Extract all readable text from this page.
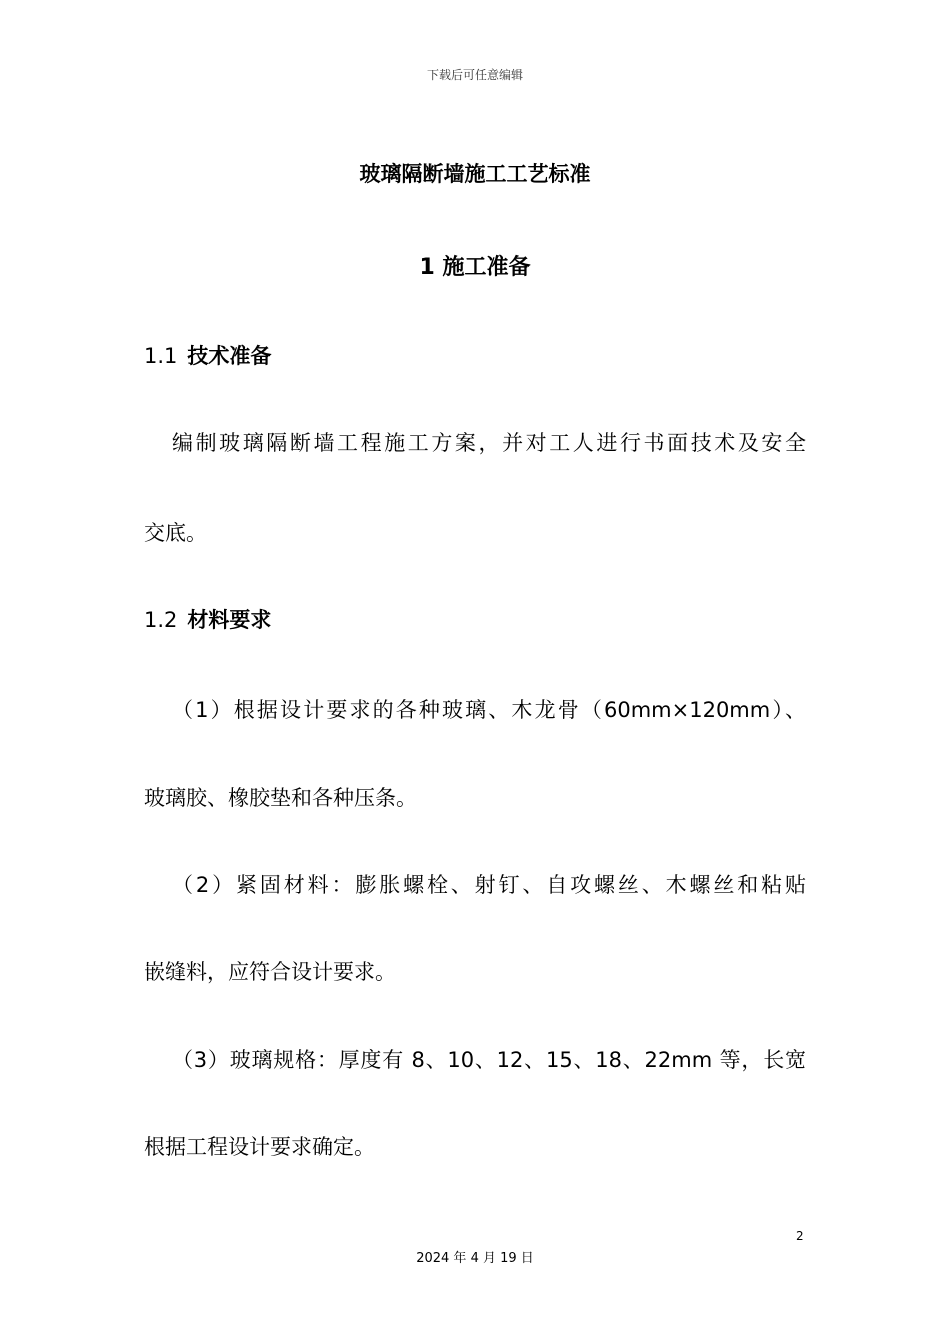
下载后可任意编辑
玻璃隔断墙施工工艺标准
1 施工准备
1.1 技术准备
编制玻璃隔断墙工程施工方案，并对工人进行书面技术及安全
交底。
1.2 材料要求
（1）根据设计要求的各种玻璃、木龙骨（60mm×120mm）、
玻璃胶、橡胶垫和各种压条。
（2）紧固材料：膨胀螺栓、射钉、自攻螺丝、木螺丝和粘贴
嵌缝料，应符合设计要求。
（3）玻璃规格：厚度有 8、10、12、15、18、22mm 等，长宽
根据工程设计要求确定。
2
2024 年 4 月 19 日
